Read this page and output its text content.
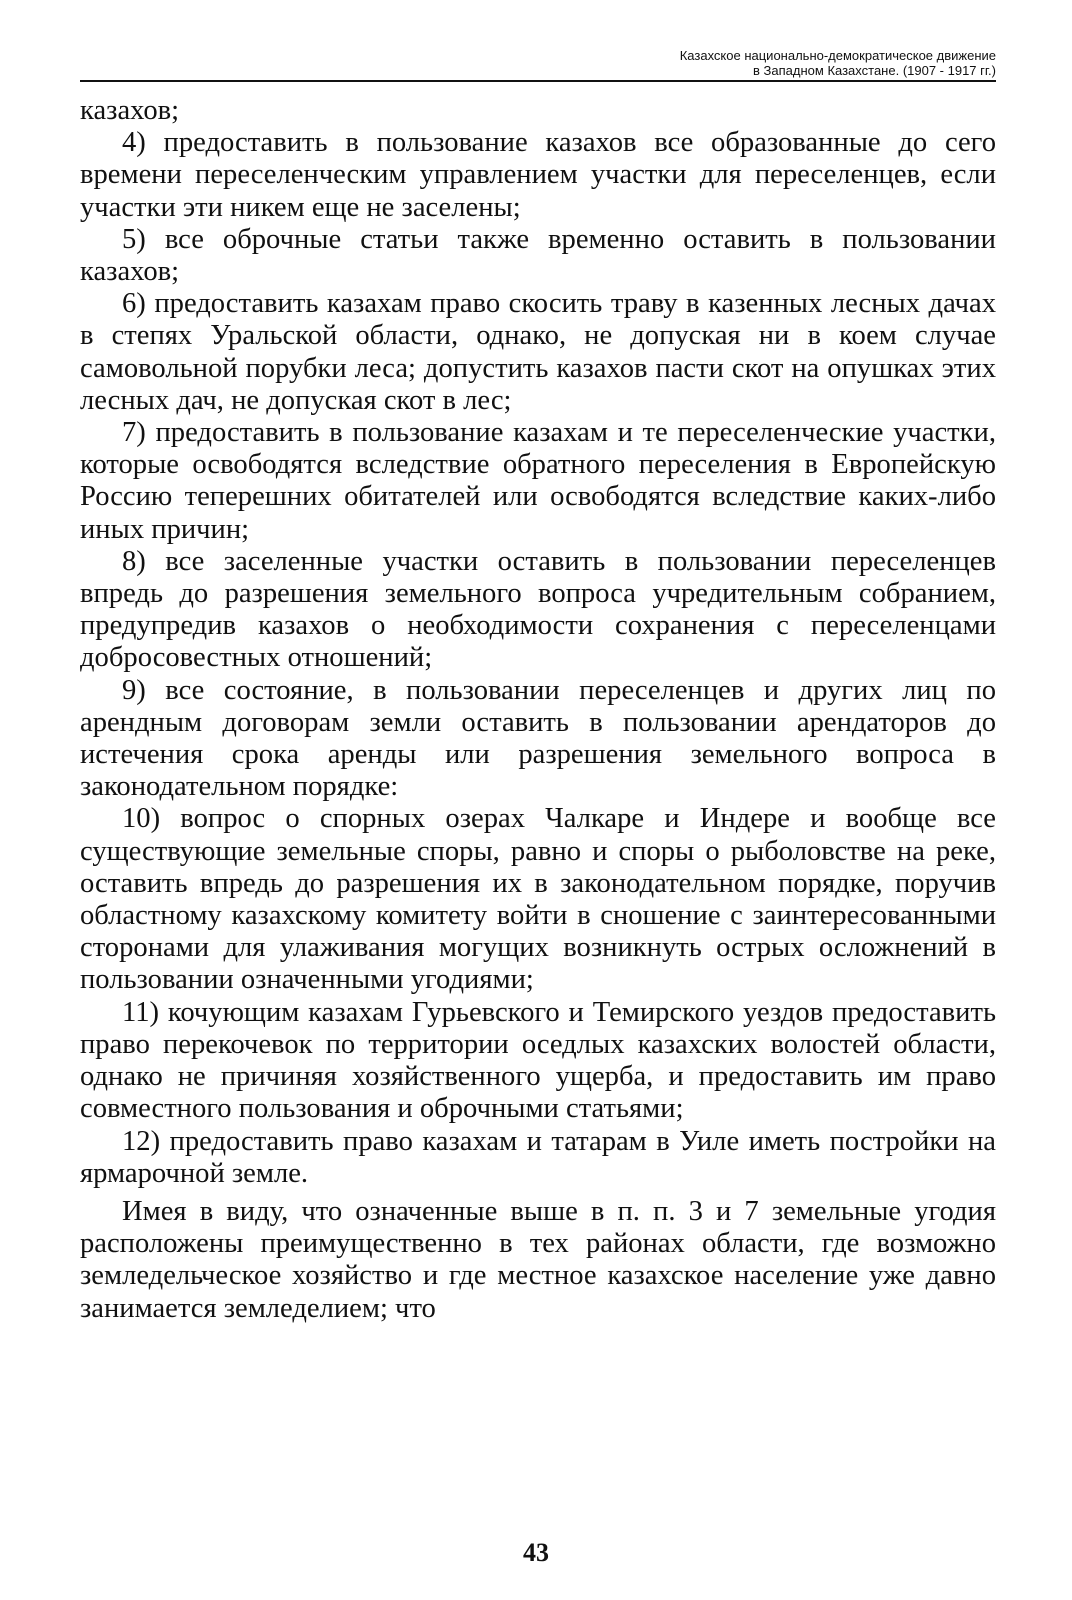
Казахское национально-демократическое движение
в Западном Казахстане. (1907 - 1917 гг.)

казахов;

4) предоставить в пользование казахов все образованные до сего времени переселенческим управлением участки для переселенцев, если участки эти никем еще не заселены;

5) все оброчные статьи также временно оставить в пользовании казахов;

6) предоставить казахам право скосить траву в казенных лесных дачах в степях Уральской области, однако, не допуская ни в коем случае самовольной порубки леса; допустить казахов пасти скот на опушках этих лесных дач, не допуская скот в лес;

7) предоставить в пользование казахам и те переселенческие участки, которые освободятся вследствие обратного переселения в Европейскую Россию теперешних обитателей или освободятся вследствие каких-либо иных причин;

8) все заселенные участки оставить в пользовании переселенцев впредь до разрешения земельного вопроса учредительным собранием, предупредив казахов о необходимости сохранения с переселенцами добросовестных отношений;

9) все состояние, в пользовании переселенцев и других лиц по арендным договорам земли оставить в пользовании арендаторов до истечения срока аренды или разрешения земельного вопроса в законодательном порядке:

10) вопрос о спорных озерах Чалкаре и Индере и вообще все существующие земельные споры, равно и споры о рыболовстве на реке, оставить впредь до разрешения их в законодательном порядке, поручив областному казахскому комитету войти в сношение с заинтересованными сторонами для улаживания могущих возникнуть острых осложнений в пользовании означенными угодиями;

11) кочующим казахам Гурьевского и Темирского уездов предоставить право перекочевок по территории оседлых казахских волостей области, однако не причиняя хозяйственного ущерба, и предоставить им право совместного пользования и оброчными статьями;

12) предоставить право казахам и татарам в Уиле иметь постройки на ярмарочной земле.

Имея в виду, что означенные выше в п. п. 3 и 7 земельные угодия расположены преимущественно в тех районах области, где возможно земледельческое хозяйство и где местное казахское население уже давно занимается земледелием; что

43
